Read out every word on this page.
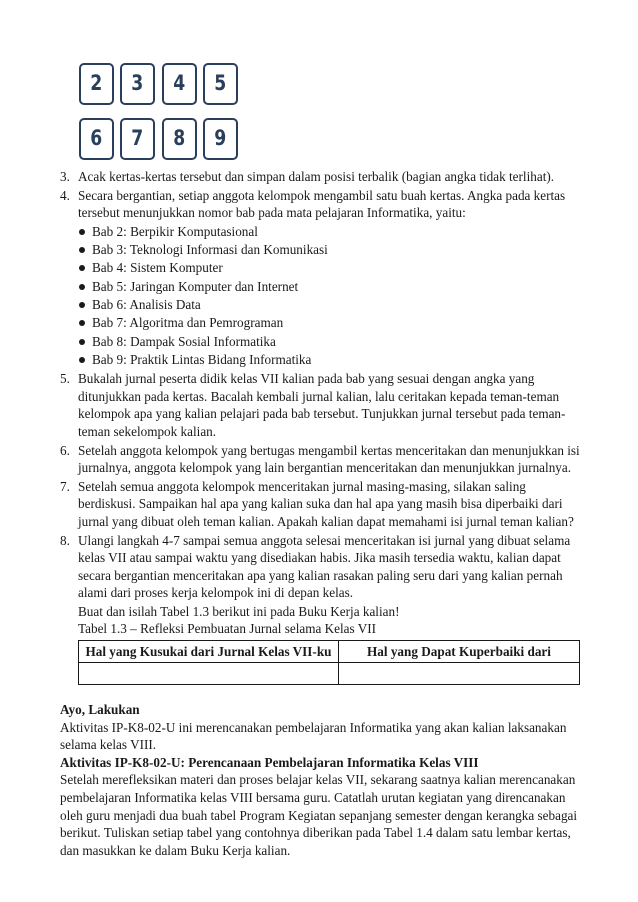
2 3 4 5
6 7 8 9
3. Acak kertas-kertas tersebut dan simpan dalam posisi terbalik (bagian angka tidak terlihat).
4. Secara bergantian, setiap anggota kelompok mengambil satu buah kertas. Angka pada kertas tersebut menunjukkan nomor bab pada mata pelajaran Informatika, yaitu:
Bab 2: Berpikir Komputasional
Bab 3: Teknologi Informasi dan Komunikasi
Bab 4: Sistem Komputer
Bab 5: Jaringan Komputer dan Internet
Bab 6: Analisis Data
Bab 7: Algoritma dan Pemrograman
Bab 8: Dampak Sosial Informatika
Bab 9: Praktik Lintas Bidang Informatika
5. Bukalah jurnal peserta didik kelas VII kalian pada bab yang sesuai dengan angka yang ditunjukkan pada kertas. Bacalah kembali jurnal kalian, lalu ceritakan kepada teman-teman kelompok apa yang kalian pelajari pada bab tersebut. Tunjukkan jurnal tersebut pada teman-teman sekelompok kalian.
6. Setelah anggota kelompok yang bertugas mengambil kertas menceritakan dan menunjukkan isi jurnalnya, anggota kelompok yang lain bergantian menceritakan dan menunjukkan jurnalnya.
7. Setelah semua anggota kelompok menceritakan jurnal masing-masing, silakan saling berdiskusi. Sampaikan hal apa yang kalian suka dan hal apa yang masih bisa diperbaiki dari jurnal yang dibuat oleh teman kalian. Apakah kalian dapat memahami isi jurnal teman kalian?
8. Ulangi langkah 4-7 sampai semua anggota selesai menceritakan isi jurnal yang dibuat selama kelas VII atau sampai waktu yang disediakan habis. Jika masih tersedia waktu, kalian dapat secara bergantian menceritakan apa yang kalian rasakan paling seru dari yang kalian pernah alami dari proses kerja kelompok ini di depan kelas.

Buat dan isilah Tabel 1.3 berikut ini pada Buku Kerja kalian!

Tabel 1.3 – Refleksi Pembuatan Jurnal selama Kelas VII

Hal yang Kusukai dari Jurnal Kelas VII-ku	Hal yang Dapat Kuperbaiki dari

Ayo, Lakukan

Aktivitas IP-K8-02-U ini merencanakan pembelajaran Informatika yang akan kalian laksanakan selama kelas VIII.

Aktivitas IP-K8-02-U: Perencanaan Pembelajaran Informatika Kelas VIII

Setelah merefleksikan materi dan proses belajar kelas VII, sekarang saatnya kalian merencanakan pembelajaran Informatika kelas VIII bersama guru. Catatlah urutan kegiatan yang direncanakan oleh guru menjadi dua buah tabel Program Kegiatan sepanjang semester dengan kerangka sebagai berikut. Tuliskan setiap tabel yang contohnya diberikan pada Tabel 1.4 dalam satu lembar kertas, dan masukkan ke dalam Buku Kerja kalian.
